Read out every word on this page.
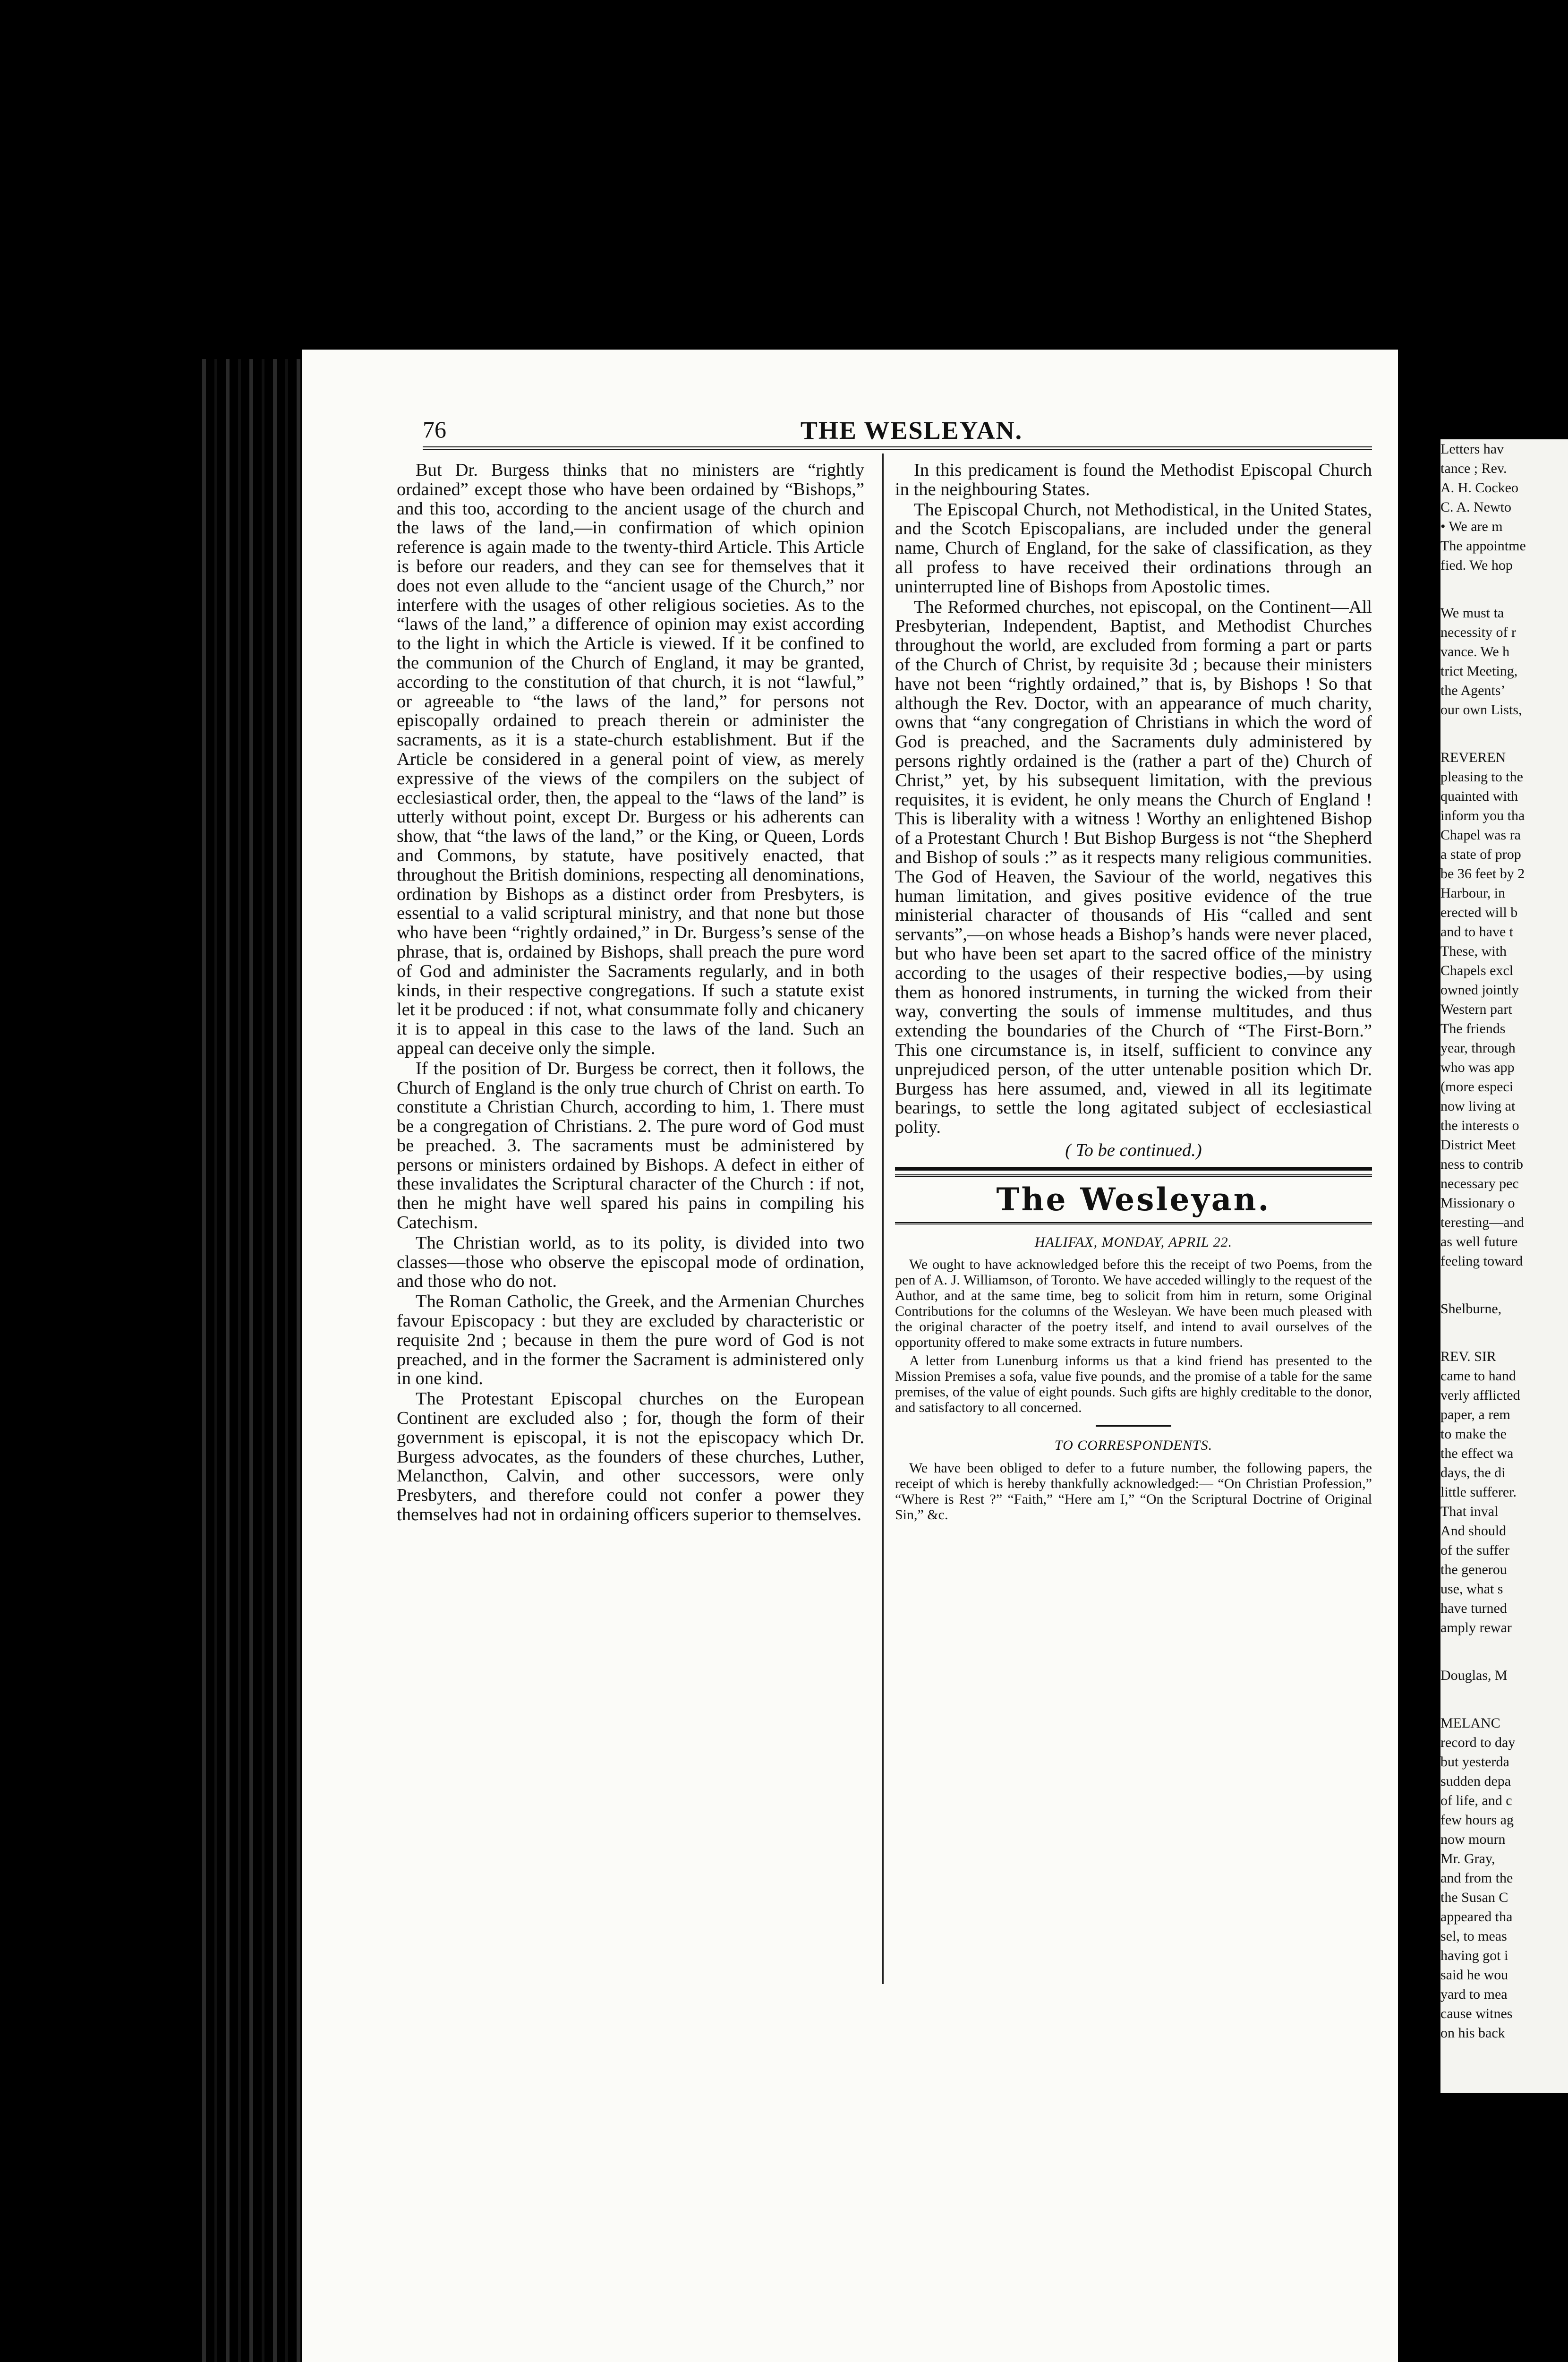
76	THE WESLEYAN.

But Dr. Burgess thinks that no ministers are “rightly ordained” except those who have been ordained by “Bishops,” and this too, according to the ancient usage of the church and the laws of the land,—in confirmation of which opinion reference is again made to the twenty-third Article. This Article is before our readers, and they can see for themselves that it does not even allude to the “ancient usage of the Church,” nor interfere with the usages of other religious societies. As to the “laws of the land,” a difference of opinion may exist according to the light in which the Article is viewed. If it be confined to the communion of the Church of England, it may be granted, according to the constitution of that church, it is not “lawful,” or agreeable to “the laws of the land,” for persons not episcopally ordained to preach therein or administer the sacraments, as it is a state-church establishment. But if the Article be considered in a general point of view, as merely expressive of the views of the compilers on the subject of ecclesiastical order, then, the appeal to the “laws of the land” is utterly without point, except Dr. Burgess or his adherents can show, that “the laws of the land,” or the King, or Queen, Lords and Commons, by statute, have positively enacted, that throughout the British dominions, respecting all denominations, ordination by Bishops as a distinct order from Presbyters, is essential to a valid scriptural ministry, and that none but those who have been “rightly ordained,” in Dr. Burgess’s sense of the phrase, that is, ordained by Bishops, shall preach the pure word of God and administer the Sacraments regularly, and in both kinds, in their respective congregations. If such a statute exist let it be produced : if not, what consummate folly and chicanery it is to appeal in this case to the laws of the land. Such an appeal can deceive only the simple.

If the position of Dr. Burgess be correct, then it follows, the Church of England is the only true church of Christ on earth. To constitute a Christian Church, according to him, 1. There must be a congregation of Christians. 2. The pure word of God must be preached. 3. The sacraments must be administered by persons or ministers ordained by Bishops. A defect in either of these invalidates the Scriptural character of the Church : if not, then he might have well spared his pains in compiling his Catechism.

The Christian world, as to its polity, is divided into two classes—those who observe the episcopal mode of ordination, and those who do not.

The Roman Catholic, the Greek, and the Armenian Churches favour Episcopacy : but they are excluded by characteristic or requisite 2nd ; because in them the pure word of God is not preached, and in the former the Sacrament is administered only in one kind.

The Protestant Episcopal churches on the European Continent are excluded also ; for, though the form of their government is episcopal, it is not the episcopacy which Dr. Burgess advocates, as the founders of these churches, Luther, Melancthon, Calvin, and other successors, were only Presbyters, and therefore could not confer a power they themselves had not in ordaining officers superior to themselves.

In this predicament is found the Methodist Episcopal Church in the neighbouring States.

The Episcopal Church, not Methodistical, in the United States, and the Scotch Episcopalians, are included under the general name, Church of England, for the sake of classification, as they all profess to have received their ordinations through an uninterrupted line of Bishops from Apostolic times.

The Reformed churches, not episcopal, on the Continent—All Presbyterian, Independent, Baptist, and Methodist Churches throughout the world, are excluded from forming a part or parts of the Church of Christ, by requisite 3d ; because their ministers have not been “rightly ordained,” that is, by Bishops ! So that although the Rev. Doctor, with an appearance of much charity, owns that “any congregation of Christians in which the word of God is preached, and the Sacraments duly administered by persons rightly ordained is the (rather a part of the) Church of Christ,” yet, by his subsequent limitation, with the previous requisites, it is evident, he only means the Church of England ! This is liberality with a witness ! Worthy an enlightened Bishop of a Protestant Church ! But Bishop Burgess is not “the Shepherd and Bishop of souls :” as it respects many religious communities. The God of Heaven, the Saviour of the world, negatives this human limitation, and gives positive evidence of the true ministerial character of thousands of His “called and sent servants”,—on whose heads a Bishop’s hands were never placed, but who have been set apart to the sacred office of the ministry according to the usages of their respective bodies,—by using them as honored instruments, in turning the wicked from their way, converting the souls of immense multitudes, and thus extending the boundaries of the Church of “The First-Born.” This one circumstance is, in itself, sufficient to convince any unprejudiced person, of the utter untenable position which Dr. Burgess has here assumed, and, viewed in all its legitimate bearings, to settle the long agitated subject of ecclesiastical polity.

( To be continued.)
The Wesleyan.
HALIFAX, MONDAY, APRIL 22.

We ought to have acknowledged before this the receipt of two Poems, from the pen of A. J. Williamson, of Toronto. We have acceded willingly to the request of the Author, and at the same time, beg to solicit from him in return, some Original Contributions for the columns of the Wesleyan. We have been much pleased with the original character of the poetry itself, and intend to avail ourselves of the opportunity offered to make some extracts in future numbers.

A letter from Lunenburg informs us that a kind friend has presented to the Mission Premises a sofa, value five pounds, and the promise of a table for the same premises, of the value of eight pounds. Such gifts are highly creditable to the donor, and satisfactory to all concerned.

TO CORRESPONDENTS.

We have been obliged to defer to a future number, the following papers, the receipt of which is hereby thankfully acknowledged:— “On Christian Profession,” “Where is Rest ?” “Faith,” “Here am I,” “On the Scriptural Doctrine of Original Sin,” &c.

Letters hav
tance ; Rev.
A. H. Cockeo
C. A. Newto
• We are m
The appointme
fied. We hop
We must ta
necessity of r
vance. We h
trict Meeting,
the Agents’
our own Lists,
REVEREN
pleasing to the
quainted with
inform you tha
Chapel was ra
a state of prop
be 36 feet by 2
Harbour, in
erected will b
and to have t
These, with
Chapels excl
owned jointly
Western part
The friends
year, through
who was app
(more especi
now living at
the interests o
District Meet
ness to contrib
necessary pec
Missionary o
teresting—and
as well future
feeling toward
Shelburne,
REV. SIR
came to hand
verly afflicted
paper, a rem
to make the
the effect wa
days, the di
little sufferer.
That inval
And should
of the suffer
the generou
use, what s
have turned
amply rewar
Douglas, M
MELANC
record to day
but yesterda
sudden depa
of life, and c
few hours ag
now mourn
Mr. Gray,
and from the
the Susan C
appeared tha
sel, to meas
having got i
said he wou
yard to mea
cause witnes
on his back
